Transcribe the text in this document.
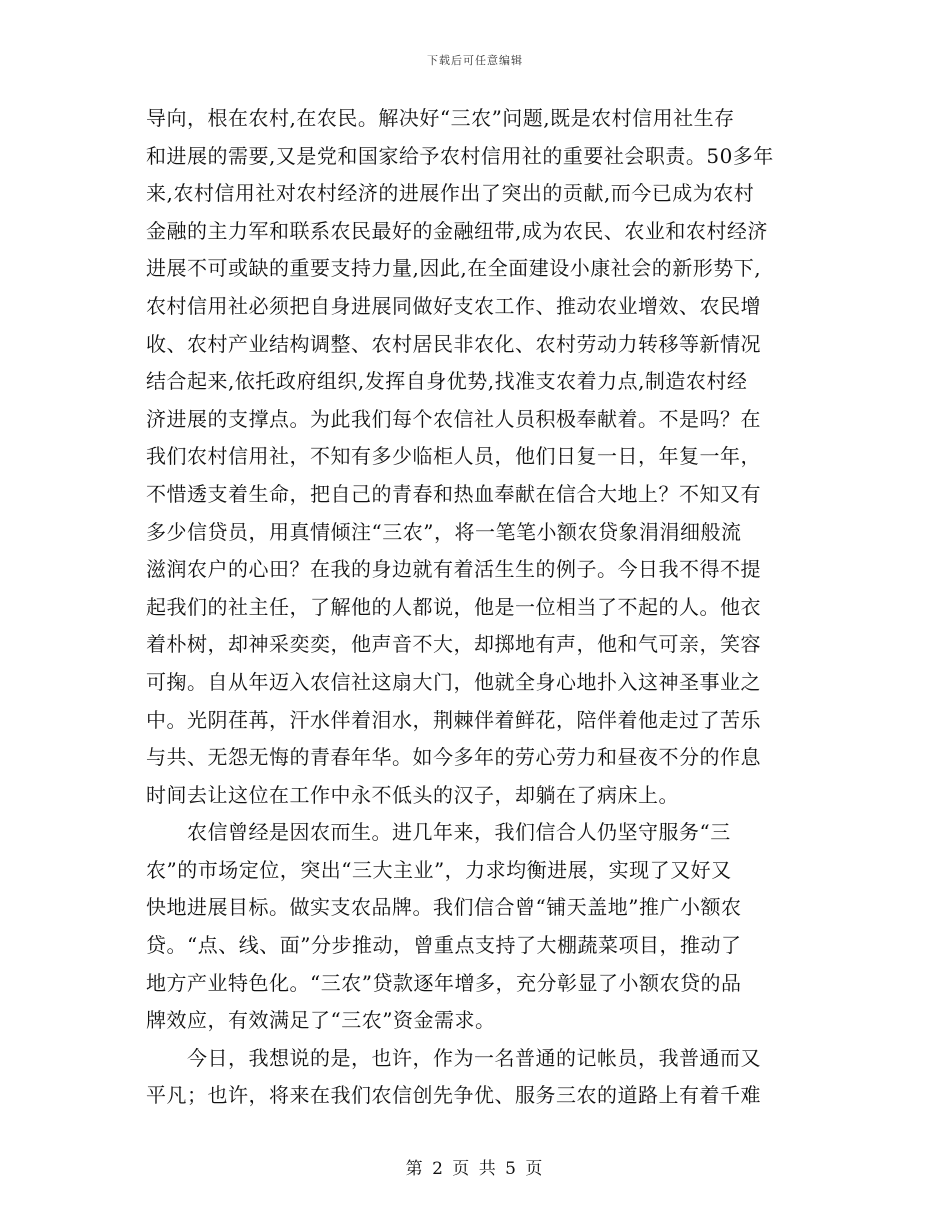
下载后可任意编辑
导向，根在农村,在农民。解决好“三农”问题,既是农村信用社生存
和进展的需要,又是党和国家给予农村信用社的重要社会职责。50多年
来,农村信用社对农村经济的进展作出了突出的贡献,而今已成为农村
金融的主力军和联系农民最好的金融纽带,成为农民、农业和农村经济
进展不可或缺的重要支持力量,因此,在全面建设小康社会的新形势下,
农村信用社必须把自身进展同做好支农工作、推动农业增效、农民增
收、农村产业结构调整、农村居民非农化、农村劳动力转移等新情况
结合起来,依托政府组织,发挥自身优势,找准支农着力点,制造农村经
济进展的支撑点。为此我们每个农信社人员积极奉献着。不是吗？在
我们农村信用社，不知有多少临柜人员，他们日复一日，年复一年，
不惜透支着生命，把自己的青春和热血奉献在信合大地上？不知又有
多少信贷员，用真情倾注“三农”，将一笔笔小额农贷象涓涓细般流
滋润农户的心田？在我的身边就有着活生生的例子。今日我不得不提
起我们的社主任，了解他的人都说，他是一位相当了不起的人。他衣
着朴树，却神采奕奕，他声音不大，却掷地有声，他和气可亲，笑容
可掬。自从年迈入农信社这扇大门，他就全身心地扑入这神圣事业之
中。光阴荏苒，汗水伴着泪水，荆棘伴着鲜花，陪伴着他走过了苦乐
与共、无怨无悔的青春年华。如今多年的劳心劳力和昼夜不分的作息
时间去让这位在工作中永不低头的汉子，却躺在了病床上。
　　农信曾经是因农而生。进几年来，我们信合人仍坚守服务“三
农”的市场定位，突出“三大主业”，力求均衡进展，实现了又好又
快地进展目标。做实支农品牌。我们信合曾“铺天盖地”推广小额农
贷。“点、线、面”分步推动，曾重点支持了大棚蔬菜项目，推动了
地方产业特色化。“三农”贷款逐年增多，充分彰显了小额农贷的品
牌效应，有效满足了“三农”资金需求。
　　今日，我想说的是，也许，作为一名普通的记帐员，我普通而又
平凡；也许，将来在我们农信创先争优、服务三农的道路上有着千难
第 2 页 共 5 页
